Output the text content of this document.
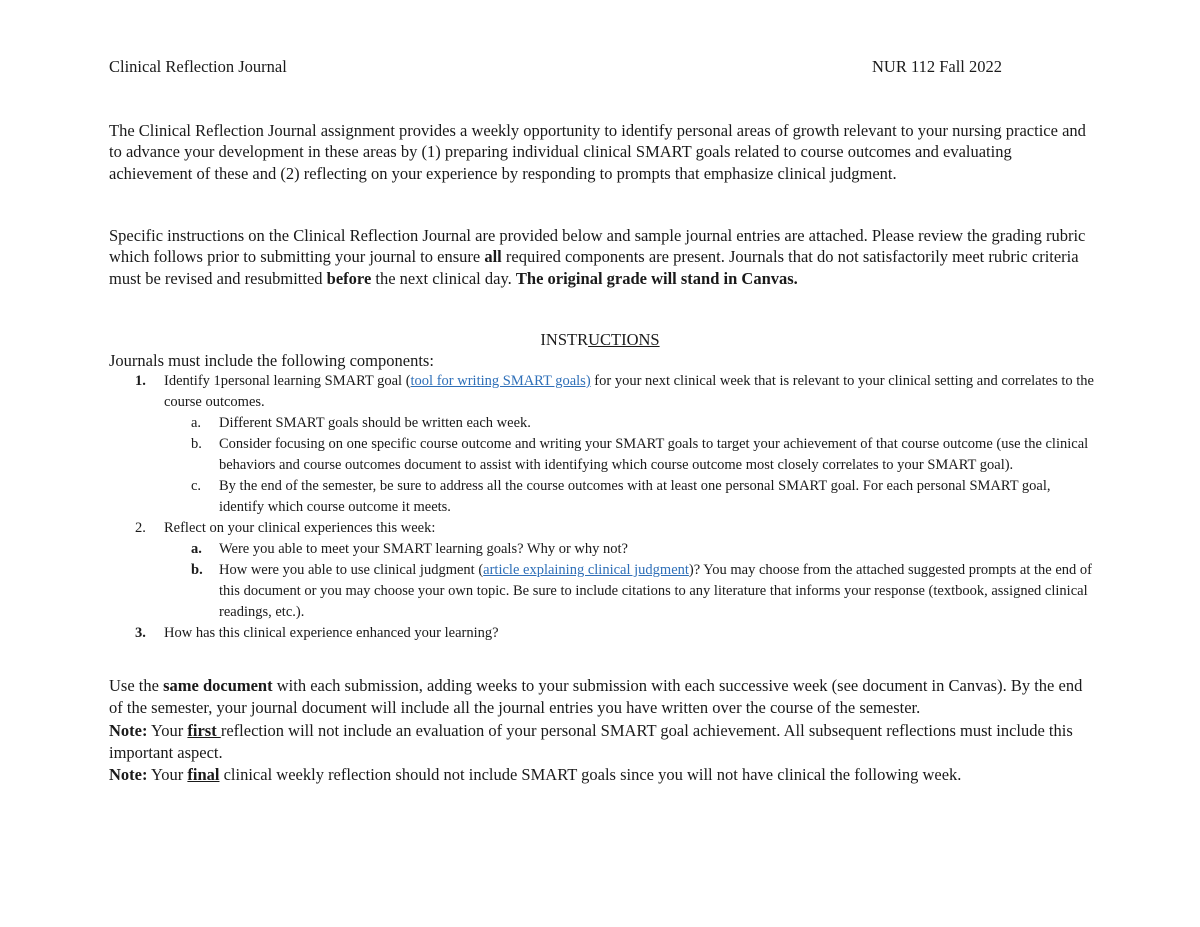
Clinical Reflection Journal	NUR 112 Fall 2022
The Clinical Reflection Journal assignment provides a weekly opportunity to identify personal areas of growth relevant to your nursing practice and to advance your development in these areas by (1) preparing individual clinical SMART goals related to course outcomes and evaluating achievement of these and (2) reflecting on your experience by responding to prompts that emphasize clinical judgment.
Specific instructions on the Clinical Reflection Journal are provided below and sample journal entries are attached. Please review the grading rubric which follows prior to submitting your journal to ensure all required components are present. Journals that do not satisfactorily meet rubric criteria must be revised and resubmitted before the next clinical day. The original grade will stand in Canvas.
INSTRUCTIONS
Journals must include the following components:
1. Identify 1personal learning SMART goal (tool for writing SMART goals) for your next clinical week that is relevant to your clinical setting and correlates to the course outcomes.
a. Different SMART goals should be written each week.
b. Consider focusing on one specific course outcome and writing your SMART goals to target your achievement of that course outcome (use the clinical behaviors and course outcomes document to assist with identifying which course outcome most closely correlates to your SMART goal).
c. By the end of the semester, be sure to address all the course outcomes with at least one personal SMART goal. For each personal SMART goal, identify which course outcome it meets.
2. Reflect on your clinical experiences this week:
a. Were you able to meet your SMART learning goals? Why or why not?
b. How were you able to use clinical judgment (article explaining clinical judgment)? You may choose from the attached suggested prompts at the end of this document or you may choose your own topic. Be sure to include citations to any literature that informs your response (textbook, assigned clinical readings, etc.).
3. How has this clinical experience enhanced your learning?
Use the same document with each submission, adding weeks to your submission with each successive week (see document in Canvas). By the end of the semester, your journal document will include all the journal entries you have written over the course of the semester.
Note: Your first reflection will not include an evaluation of your personal SMART goal achievement. All subsequent reflections must include this important aspect.
Note: Your final clinical weekly reflection should not include SMART goals since you will not have clinical the following week.
